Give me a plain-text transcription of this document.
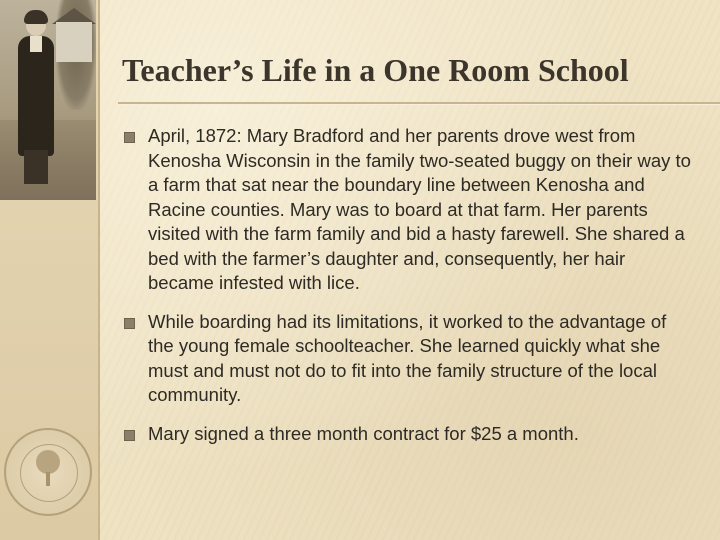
Teacher’s Life in a One Room School
April, 1872: Mary Bradford and her parents drove west from Kenosha Wisconsin in the family two-seated buggy on their way to a farm that sat near the boundary line between Kenosha and Racine counties. Mary was to board at that farm. Her parents visited with the farm family and bid a hasty farewell. She shared a bed with the farmer’s daughter and, consequently, her hair became infested with lice.
While boarding had its limitations, it worked to the advantage of the young female schoolteacher. She learned quickly what she must and must not do to fit into the family structure of the local community.
Mary signed a three month contract for $25 a month.
